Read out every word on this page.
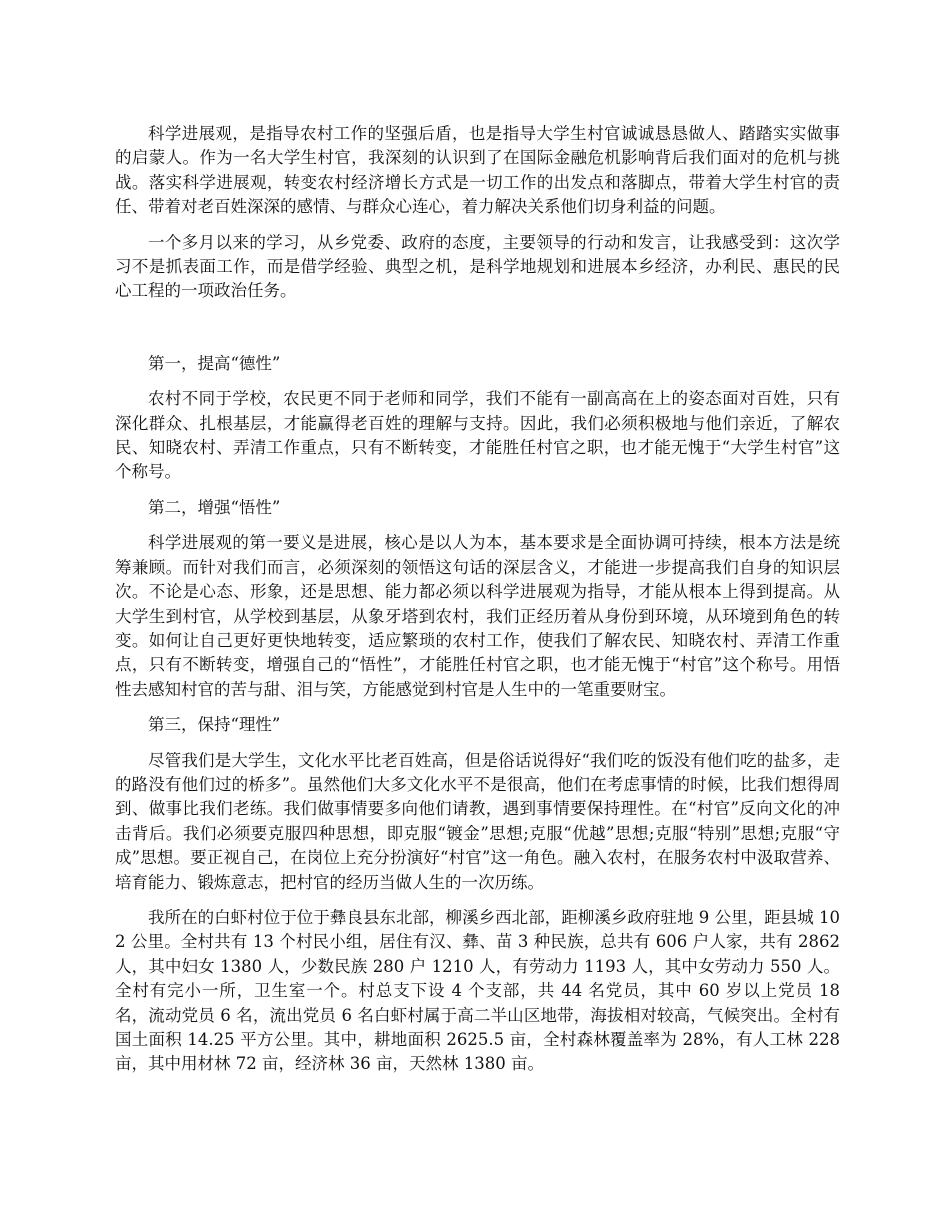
科学进展观，是指导农村工作的坚强后盾，也是指导大学生村官诚诚恳恳做人、踏踏实实做事的启蒙人。作为一名大学生村官，我深刻的认识到了在国际金融危机影响背后我们面对的危机与挑战。落实科学进展观，转变农村经济增长方式是一切工作的出发点和落脚点，带着大学生村官的责任、带着对老百姓深深的感情、与群众心连心，着力解决关系他们切身利益的问题。

一个多月以来的学习，从乡党委、政府的态度，主要领导的行动和发言，让我感受到：这次学习不是抓表面工作，而是借学经验、典型之机，是科学地规划和进展本乡经济，办利民、惠民的民心工程的一项政治任务。

第一，提高“德性”

农村不同于学校，农民更不同于老师和同学，我们不能有一副高高在上的姿态面对百姓，只有深化群众、扎根基层，才能赢得老百姓的理解与支持。因此，我们必须积极地与他们亲近，了解农民、知晓农村、弄清工作重点，只有不断转变，才能胜任村官之职，也才能无愧于“大学生村官”这个称号。

第二，增强“悟性”

科学进展观的第一要义是进展，核心是以人为本，基本要求是全面协调可持续，根本方法是统筹兼顾。而针对我们而言，必须深刻的领悟这句话的深层含义，才能进一步提高我们自身的知识层次。不论是心态、形象，还是思想、能力都必须以科学进展观为指导，才能从根本上得到提高。从大学生到村官，从学校到基层，从象牙塔到农村，我们正经历着从身份到环境，从环境到角色的转变。如何让自己更好更快地转变，适应繁琐的农村工作，使我们了解农民、知晓农村、弄清工作重点，只有不断转变，增强自己的“悟性”，才能胜任村官之职，也才能无愧于“村官”这个称号。用悟性去感知村官的苦与甜、泪与笑，方能感觉到村官是人生中的一笔重要财宝。

第三，保持“理性”

尽管我们是大学生，文化水平比老百姓高，但是俗话说得好“我们吃的饭没有他们吃的盐多，走的路没有他们过的桥多”。虽然他们大多文化水平不是很高，他们在考虑事情的时候，比我们想得周到、做事比我们老练。我们做事情要多向他们请教，遇到事情要保持理性。在“村官”反向文化的冲击背后。我们必须要克服四种思想，即克服“镀金”思想;克服“优越”思想;克服“特别”思想;克服“守成”思想。要正视自己，在岗位上充分扮演好“村官”这一角色。融入农村，在服务农村中汲取营养、培育能力、锻炼意志，把村官的经历当做人生的一次历练。

我所在的白虾村位于位于彝良县东北部，柳溪乡西北部，距柳溪乡政府驻地 9 公里，距县城 102 公里。全村共有 13 个村民小组，居住有汉、彝、苗 3 种民族，总共有 606 户人家，共有 2862 人，其中妇女 1380 人，少数民族 280 户 1210 人，有劳动力 1193 人，其中女劳动力 550 人。全村有完小一所，卫生室一个。村总支下设 4 个支部，共 44 名党员，其中 60 岁以上党员 18 名，流动党员 6 名，流出党员 6 名白虾村属于高二半山区地带，海拔相对较高，气候突出。全村有国土面积 14.25 平方公里。其中，耕地面积 2625.5 亩，全村森林覆盖率为 28%，有人工林 228 亩，其中用材林 72 亩，经济林 36 亩，天然林 1380 亩。
